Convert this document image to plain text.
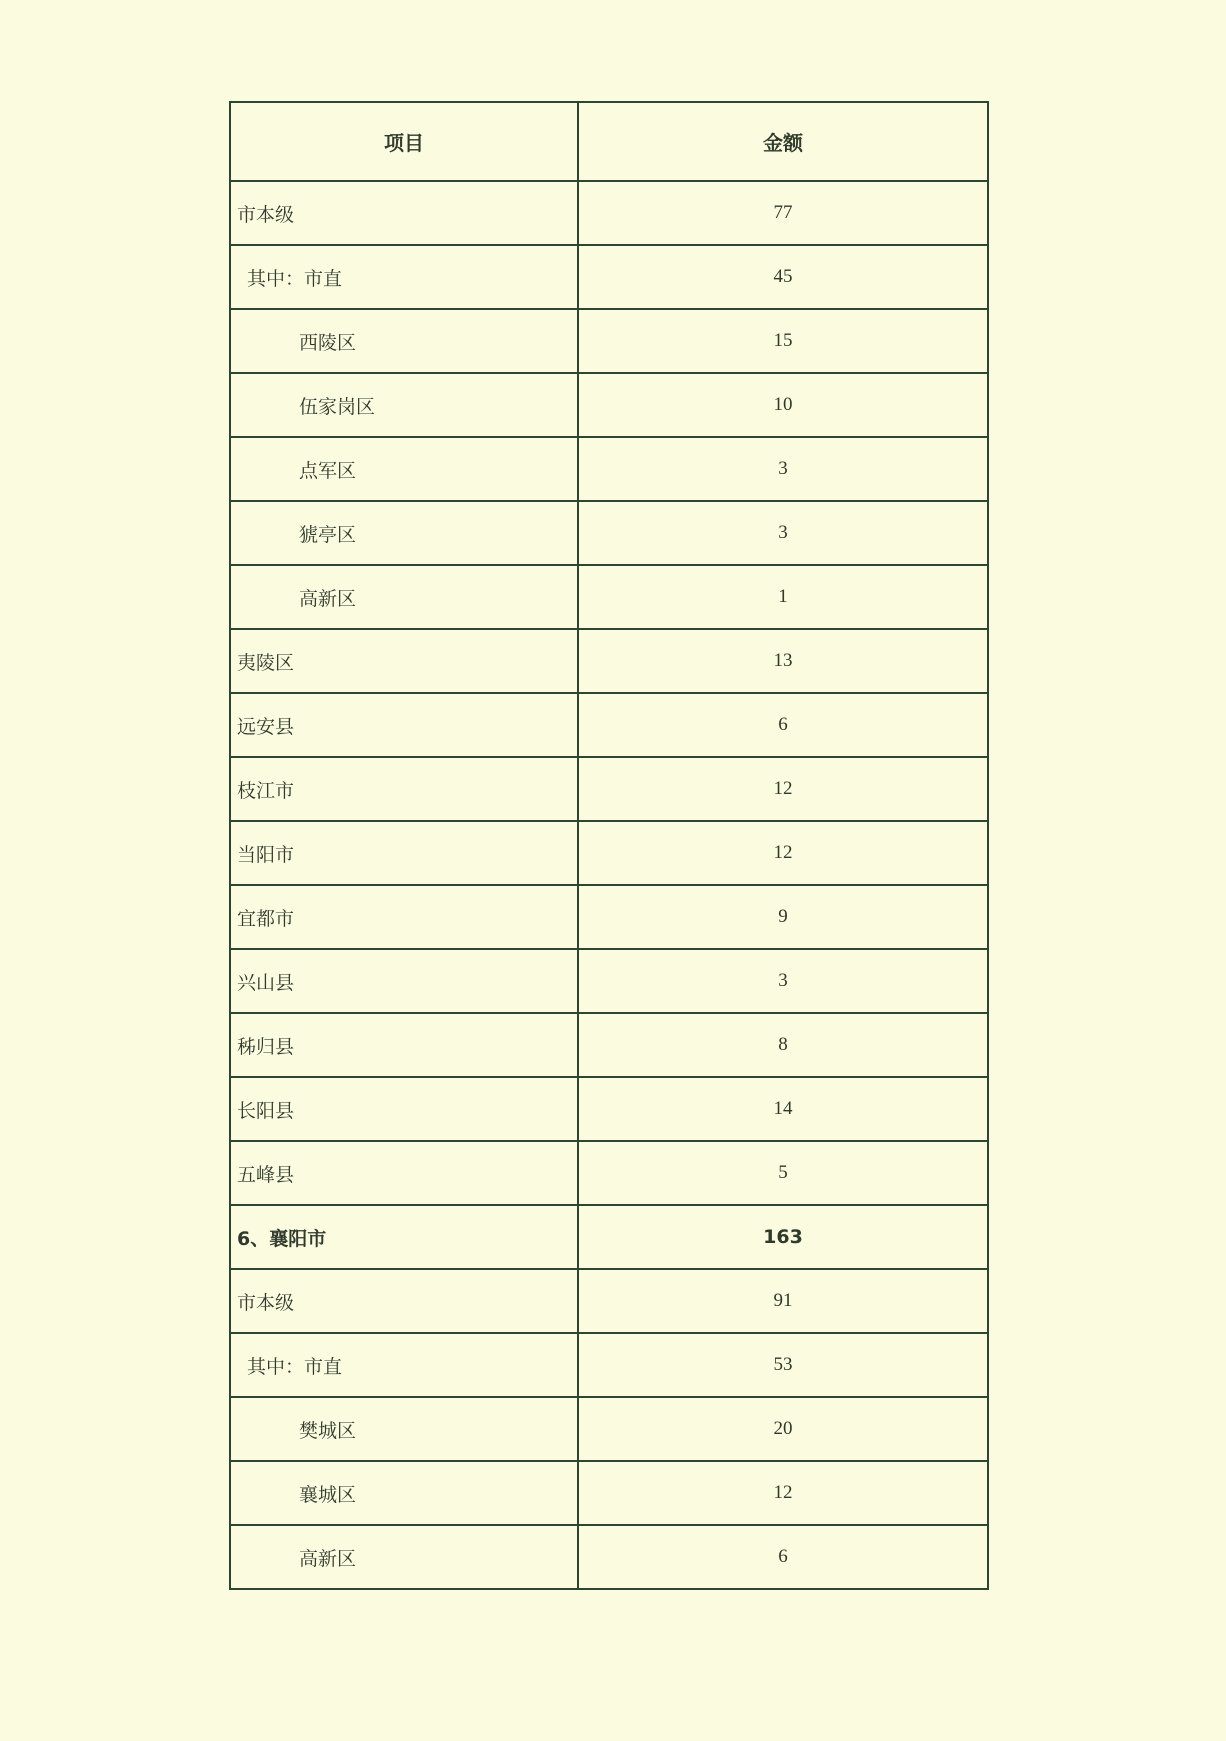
项目	金额
市本级	77
其中：市直	45
西陵区	15
伍家岗区	10
点军区	3
猇亭区	3
高新区	1
夷陵区	13
远安县	6
枝江市	12
当阳市	12
宜都市	9
兴山县	3
秭归县	8
长阳县	14
五峰县	5
6、襄阳市	163
市本级	91
其中：市直	53
樊城区	20
襄城区	12
高新区	6
